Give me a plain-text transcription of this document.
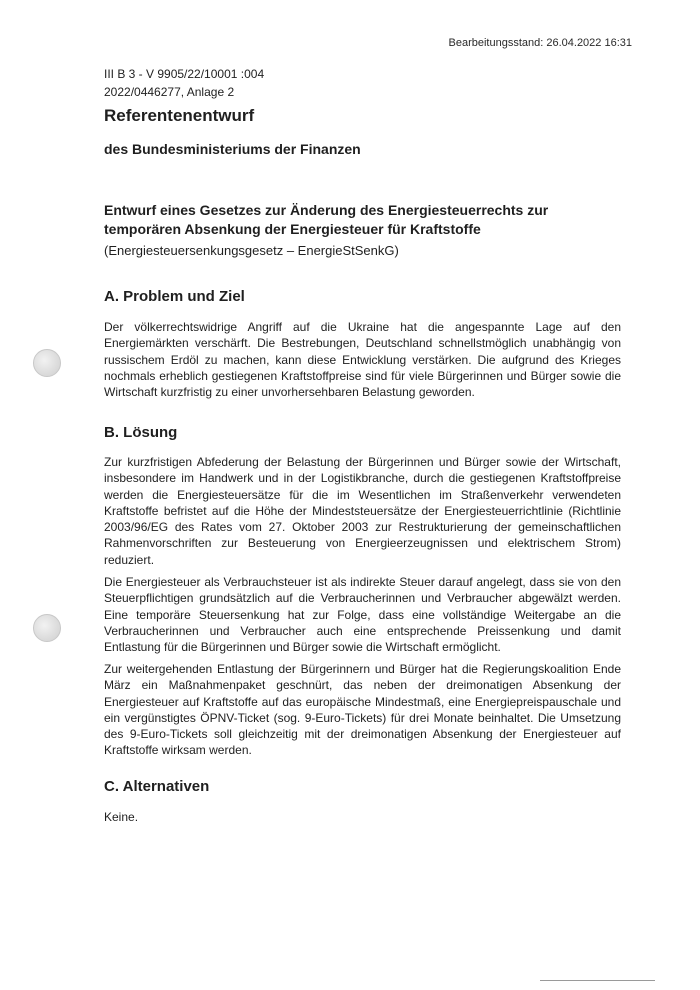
Bearbeitungsstand: 26.04.2022 16:31
III B 3 - V 9905/22/10001 :004
2022/0446277, Anlage 2
Referentenentwurf
des Bundesministeriums der Finanzen
Entwurf eines Gesetzes zur Änderung des Energiesteuerrechts zur temporären Absenkung der Energiesteuer für Kraftstoffe

(Energiesteuersenkungsgesetz – EnergieStSenkG)

A. Problem und Ziel

Der völkerrechtswidrige Angriff auf die Ukraine hat die angespannte Lage auf den Energiemärkten verschärft. Die Bestrebungen, Deutschland schnellstmöglich unabhängig von russischem Erdöl zu machen, kann diese Entwicklung verstärken. Die aufgrund des Krieges nochmals erheblich gestiegenen Kraftstoffpreise sind für viele Bürgerinnen und Bürger sowie die Wirtschaft kurzfristig zu einer unvorhersehbaren Belastung geworden.

B. Lösung

Zur kurzfristigen Abfederung der Belastung der Bürgerinnen und Bürger sowie der Wirtschaft, insbesondere im Handwerk und in der Logistikbranche, durch die gestiegenen Kraftstoffpreise werden die Energiesteuersätze für die im Wesentlichen im Straßenverkehr verwendeten Kraftstoffe befristet auf die Höhe der Mindeststeuersätze der Energiesteuerrichtlinie (Richtlinie 2003/96/EG des Rates vom 27. Oktober 2003 zur Restrukturierung der gemeinschaftlichen Rahmenvorschriften zur Besteuerung von Energieerzeugnissen und elektrischem Strom) reduziert.

Die Energiesteuer als Verbrauchsteuer ist als indirekte Steuer darauf angelegt, dass sie von den Steuerpflichtigen grundsätzlich auf die Verbraucherinnen und Verbraucher abgewälzt werden. Eine temporäre Steuersenkung hat zur Folge, dass eine vollständige Weitergabe an die Verbraucherinnen und Verbraucher auch eine entsprechende Preissenkung und damit Entlastung für die Bürgerinnen und Bürger sowie die Wirtschaft ermöglicht.

Zur weitergehenden Entlastung der Bürgerinnern und Bürger hat die Regierungskoalition Ende März ein Maßnahmenpaket geschnürt, das neben der dreimonatigen Absenkung der Energiesteuer auf Kraftstoffe auf das europäische Mindestmaß, eine Energiepreispauschale und ein vergünstigtes ÖPNV-Ticket (sog. 9-Euro-Tickets) für drei Monate beinhaltet. Die Umsetzung des 9-Euro-Tickets soll gleichzeitig mit der dreimonatigen Absenkung der Energiesteuer auf Kraftstoffe wirksam werden.

C. Alternativen

Keine.
